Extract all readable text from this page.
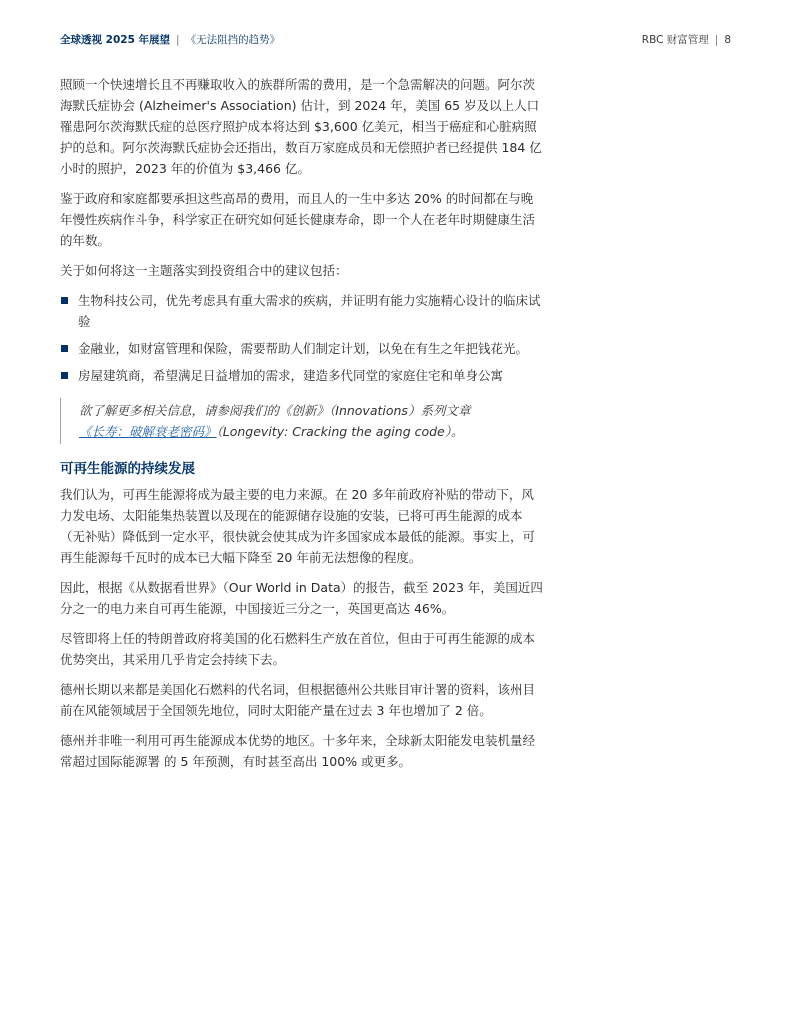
全球透视 2025 年展望 | 《无法阻挡的趋势》	RBC 财富管理 | 8

照顾一个快速增长且不再赚取收入的族群所需的费用，是一个急需解决的问题。阿尔茨海默氏症协会 (Alzheimer's Association) 估计，到 2024 年，美国 65 岁及以上人口罹患阿尔茨海默氏症的总医疗照护成本将达到 $3,600 亿美元，相当于癌症和心脏病照护的总和。阿尔茨海默氏症协会还指出，数百万家庭成员和无偿照护者已经提供 184 亿小时的照护，2023 年的价值为 $3,466 亿。

鉴于政府和家庭都要承担这些高昂的费用，而且人的一生中多达 20% 的时间都在与晚年慢性疾病作斗争，科学家正在研究如何延长健康寿命，即一个人在老年时期健康生活的年数。

关于如何将这一主题落实到投资组合中的建议包括：

生物科技公司，优先考虑具有重大需求的疾病，并证明有能力实施精心设计的临床试验
金融业，如财富管理和保险，需要帮助人们制定计划，以免在有生之年把钱花光。
房屋建筑商，希望满足日益增加的需求，建造多代同堂的家庭住宅和单身公寓
欲了解更多相关信息，请参阅我们的《创新》（Innovations）系列文章
《长寿：破解衰老密码》（Longevity: Cracking the aging code）。
可再生能源的持续发展

我们认为，可再生能源将成为最主要的电力来源。在 20 多年前政府补贴的带动下，风力发电场、太阳能集热装置以及现在的能源储存设施的安装，已将可再生能源的成本（无补贴）降低到一定水平，很快就会使其成为许多国家成本最低的能源。事实上，可再生能源每千瓦时的成本已大幅下降至 20 年前无法想像的程度。

因此，根据《从数据看世界》（Our World in Data）的报告，截至 2023 年，美国近四分之一的电力来自可再生能源，中国接近三分之一，英国更高达 46%。

尽管即将上任的特朗普政府将美国的化石燃料生产放在首位，但由于可再生能源的成本优势突出，其采用几乎肯定会持续下去。

德州长期以来都是美国化石燃料的代名词，但根据德州公共账目审计署的资料，该州目前在风能领域居于全国领先地位，同时太阳能产量在过去 3 年也增加了 2 倍。

德州并非唯一利用可再生能源成本优势的地区。十多年来，全球新太阳能发电装机量经常超过国际能源署 的 5 年预测，有时甚至高出 100% 或更多。
